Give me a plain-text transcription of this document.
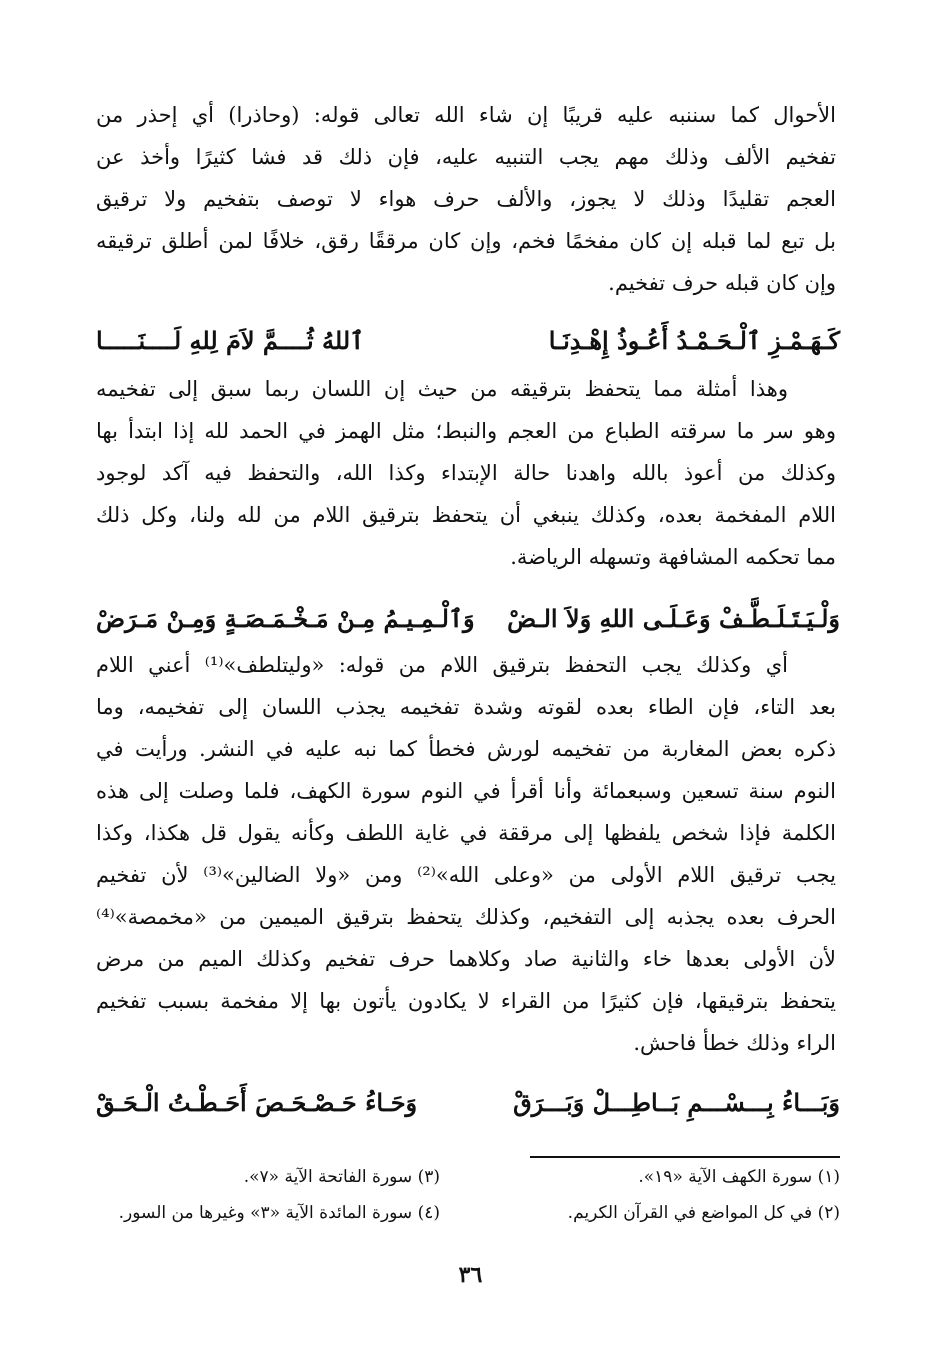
الأحوال كما سننبه عليه قريبًا إن شاء الله تعالى قوله: (وحاذرا) أي إحذر من
تفخيم الألف وذلك مهم يجب التنبيه عليه، فإن ذلك قد فشا كثيرًا وأخذ عن
العجم تقليدًا وذلك لا يجوز، والألف حرف هواء لا توصف بتفخيم ولا ترقيق
بل تبع لما قبله إن كان مفخمًا فخم، وإن كان مرققًا رقق، خلافًا لمن أطلق ترقيقه
وإن كان قبله حرف تفخيم.
كَـهَـمْـزِ ٱلْـحَـمْـدُ أَعُـوذُ إِهْـدِنَـا
ٱللهُ ثُــــمَّ لاَمَ لِلهِ لَــــنَـــــا
وهذا أمثلة مما يتحفظ بترقيقه من حيث إن اللسان ربما سبق إلى تفخيمه
وهو سر ما سرقته الطباع من العجم والنبط؛ مثل الهمز في الحمد لله إذا ابتدأ بها
وكذلك من أعوذ بالله واهدنا حالة الإبتداء وكذا الله، والتحفظ فيه آكد لوجود
اللام المفخمة بعده، وكذلك ينبغي أن يتحفظ بترقيق اللام من لله ولنا، وكل ذلك
مما تحكمه المشافهة وتسهله الرياضة.
وَلْـيَـتَـلَـطَّـفْ وَعَـلَـى اللهِ وَلاَ الـضْ
وَٱلْـمِـيـمُ مِـنْ مَـخْـمَـصَـةٍ وَمِـنْ مَـرَضْ
أي وكذلك يجب التحفظ بترقيق اللام من قوله: «وليتلطف»⁽¹⁾ أعني اللام
بعد التاء، فإن الطاء بعده لقوته وشدة تفخيمه يجذب اللسان إلى تفخيمه، وما
ذكره بعض المغاربة من تفخيمه لورش فخطأ كما نبه عليه في النشر. ورأيت في
النوم سنة تسعين وسبعمائة وأنا أقرأ في النوم سورة الكهف، فلما وصلت إلى هذه
الكلمة فإذا شخص يلفظها إلى مرققة في غاية اللطف وكأنه يقول قل هكذا، وكذا
يجب ترقيق اللام الأولى من «وعلى الله»⁽²⁾ ومن «ولا الضالين»⁽³⁾ لأن تفخيم
الحرف بعده يجذبه إلى التفخيم، وكذلك يتحفظ بترقيق الميمين من «مخمصة»⁽⁴⁾
لأن الأولى بعدها خاء والثانية صاد وكلاهما حرف تفخيم وكذلك الميم من مرض
يتحفظ بترقيقها، فإن كثيرًا من القراء لا يكادون يأتون بها إلا مفخمة بسبب تفخيم
الراء وذلك خطأ فاحش.
وَبَـــاءُ بِـــسْـــمِ بَــاطِـــلْ وَبَـــرَقْ
وَحَـاءُ حَـصْـحَـصَ أَحَـطْـتُ الْـحَـقْ
(١) سورة الكهف الآية «١٩».
(٢) في كل المواضع في القرآن الكريم.
(٣) سورة الفاتحة الآية «٧».
(٤) سورة المائدة الآية «٣» وغيرها من السور.
٣٦
